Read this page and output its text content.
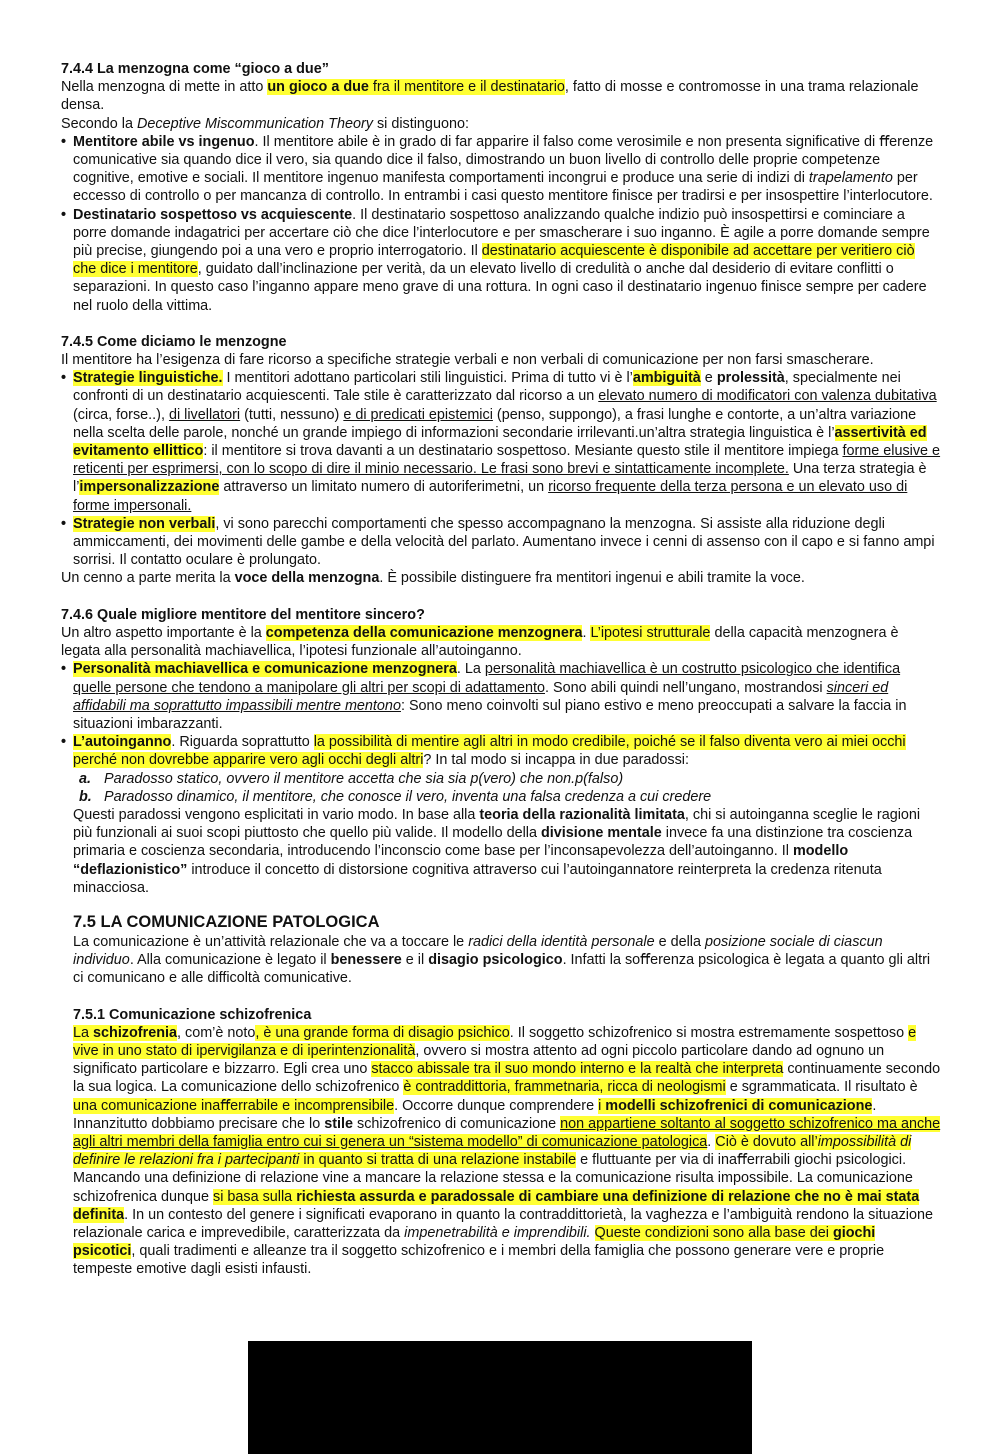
7.4.4 La menzogna come “gioco a due”

Nella menzogna di mette in atto un gioco a due fra il mentitore e il destinatario, fatto di mosse e contromosse in una trama relazionale densa.

Secondo la Deceptive Miscommunication Theory si distinguono:

• Mentitore abile vs ingenuo. Il mentitore abile è in grado di far apparire il falso come verosimile e non presenta significative di ﬀerenze comunicative sia quando dice il vero, sia quando dice il falso, dimostrando un buon livello di controllo delle proprie competenze cognitive, emotive e sociali. Il mentitore ingenuo manifesta comportamenti incongrui e produce una serie di indizi di trapelamento per eccesso di controllo o per mancanza di controllo. In entrambi i casi questo mentitore finisce per tradirsi e per insospettire l’interlocutore.
• Destinatario sospettoso vs acquiescente. Il destinatario sospettoso analizzando qualche indizio può insospettirsi e cominciare a porre domande indagatrici per accertare ciò che dice l’interlocutore e per smascherare i suo inganno. È agile a porre domande sempre più precise, giungendo poi a una vero e proprio interrogatorio. Il destinatario acquiescente è disponibile ad accettare per veritiero ciò che dice i mentitore, guidato dall’inclinazione per verità, da un elevato livello di credulità o anche dal desiderio di evitare conflitti o separazioni. In questo caso l’inganno appare meno grave di una rottura. In ogni caso il destinatario ingenuo finisce sempre per cadere nel ruolo della vittima.
7.4.5 Come diciamo le menzogne

Il mentitore ha l’esigenza di fare ricorso a specifiche strategie verbali e non verbali di comunicazione per non farsi smascherare.

• Strategie linguistiche. I mentitori adottano particolari stili linguistici. Prima di tutto vi è l’ambiguità e prolessità, specialmente nei confronti di un destinatario acquiescenti. Tale stile è caratterizzato dal ricorso a un elevato numero di modificatori con valenza dubitativa (circa, forse..), di livellatori (tutti, nessuno) e di predicati epistemici (penso, suppongo), a frasi lunghe e contorte, a un’altra variazione nella scelta delle parole, nonché un grande impiego di informazioni secondarie irrilevanti.un’altra strategia linguistica è l’assertività ed evitamento ellittico: il mentitore si trova davanti a un destinatario sospettoso. Mesiante questo stile il mentitore impiega forme elusive e reticenti per esprimersi, con lo scopo di dire il minio necessario. Le frasi sono brevi e sintatticamente incomplete. Una terza strategia è l’impersonalizzazione attraverso un limitato numero di autoriferimetni, un ricorso frequente della terza persona e un elevato uso di forme impersonali.
• Strategie non verbali, vi sono parecchi comportamenti che spesso accompagnano la menzogna. Si assiste alla riduzione degli ammiccamenti, dei movimenti delle gambe e della velocità del parlato. Aumentano invece i cenni di assenso con il capo e si fanno ampi sorrisi. Il contatto oculare è prolungato.

Un cenno a parte merita la voce della menzogna. È possibile distinguere fra mentitori ingenui e abili tramite la voce.

7.4.6 Quale migliore mentitore del mentitore sincero?

Un altro aspetto importante è la competenza della comunicazione menzognera. L’ipotesi strutturale della capacità menzognera è legata alla personalità machiavellica, l’ipotesi funzionale all’autoinganno.

• Personalità machiavellica e comunicazione menzognera. La personalità machiavellica è un costrutto psicologico che identifica quelle persone che tendono a manipolare gli altri per scopi di adattamento. Sono abili quindi nell’ungano, mostrandosi sinceri ed affidabili ma soprattutto impassibili mentre mentono: Sono meno coinvolti sul piano estivo e meno preoccupati a salvare la faccia in situazioni imbarazzanti.
• L’autoinganno. Riguarda soprattutto la possibilità di mentire agli altri in modo credibile, poiché se il falso diventa vero ai miei occhi perché non dovrebbe apparire vero agli occhi degli altri? In tal modo si incappa in due paradossi:
a. Paradosso statico, ovvero il mentitore accetta che sia sia p(vero) che non.p(falso)
b. Paradosso dinamico, il mentitore, che conosce il vero, inventa una falsa credenza a cui credere

Questi paradossi vengono esplicitati in vario modo. In base alla teoria della razionalità limitata, chi si autoinganna sceglie le ragioni più funzionali ai suoi scopi piuttosto che quello più valide. Il modello della divisione mentale invece fa una distinzione tra coscienza primaria e coscienza secondaria, introducendo l’inconscio come base per l’inconsapevolezza dell’autoinganno. Il modello “deflazionistico” introduce il concetto di distorsione cognitiva attraverso cui l’autoingannatore reinterpreta la credenza ritenuta minacciosa.

7.5 LA COMUNICAZIONE PATOLOGICA

La comunicazione è un’attività relazionale che va a toccare le radici della identità personale e della posizione sociale di ciascun individuo. Alla comunicazione è legato il benessere e il disagio psicologico. Infatti la soﬀerenza psicologica è legata a quanto gli altri ci comunicano e alle difficoltà comunicative.

7.5.1 Comunicazione schizofrenica

La schizofrenia, com’è noto, è una grande forma di disagio psichico. Il soggetto schizofrenico si mostra estremamente sospettoso e vive in uno stato di ipervigilanza e di iperintenzionalità, ovvero si mostra attento ad ogni piccolo particolare dando ad ognuno un significato particolare e bizzarro. Egli crea uno stacco abissale tra il suo mondo interno e la realtà che interpreta continuamente secondo la sua logica. La comunicazione dello schizofrenico è contraddittoria, frammetnaria, ricca di neologismi e sgrammaticata. Il risultato è una comunicazione inaﬀerrabile e incomprensibile. Occorre dunque comprendere i modelli schizofrenici di comunicazione. Innanzitutto dobbiamo precisare che lo stile schizofrenico di comunicazione non appartiene soltanto al soggetto schizofrenico ma anche agli altri membri della famiglia entro cui si genera un “sistema modello” di comunicazione patologica. Ciò è dovuto all’impossibilità di definire le relazioni fra i partecipanti in quanto si tratta di una relazione instabile e fluttuante per via di inaﬀerrabili giochi psicologici. Mancando una definizione di relazione vine a mancare la relazione stessa e la comunicazione risulta impossibile. La comunicazione schizofrenica dunque si basa sulla richiesta assurda e paradossale di cambiare una definizione di relazione che no è mai stata definita. In un contesto del genere i significati evaporano in quanto la contraddittorietà, la vaghezza e l’ambiguità rendono la situazione relazionale carica e imprevedibile, caratterizzata da impenetrabilità e imprendibili. Queste condizioni sono alla base dei giochi psicotici, quali tradimenti e alleanze tra il soggetto schizofrenico e i membri della famiglia che possono generare vere e proprie tempeste emotive dagli esisti infausti.
